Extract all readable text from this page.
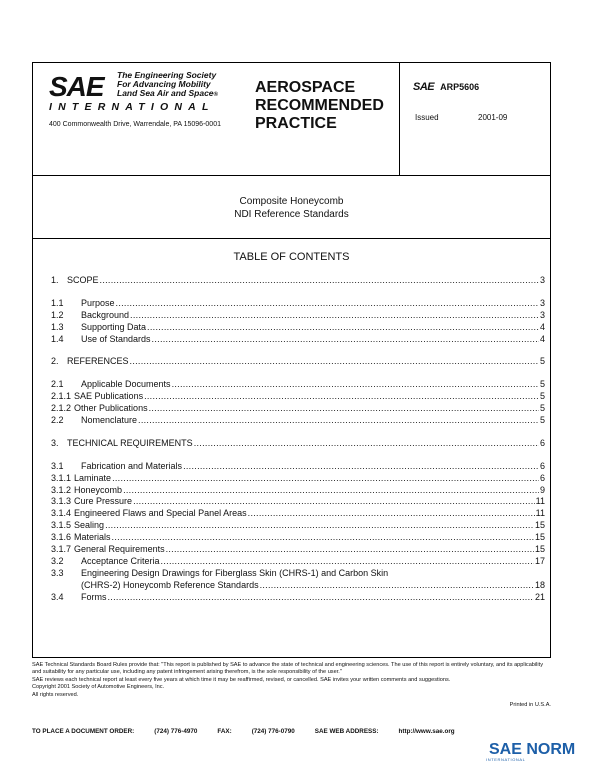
SAE The Engineering Society
For Advancing Mobility
Land Sea Air and Space®
INTERNATIONAL
400 Commonwealth Drive, Warrendale, PA 15096-0001
AEROSPACE
RECOMMENDED
PRACTICE
SAE ARP5606
Issued	2001-09
Composite Honeycomb
NDI Reference Standards
TABLE OF CONTENTS
1. SCOPE .....	3
1.1	Purpose .....	3
1.2	Background .....	3
1.3	Supporting Data .....	4
1.4	Use of Standards .....	4
2. REFERENCES .....	5
2.1	Applicable Documents .....	5
2.1.1 SAE Publications .....	5
2.1.2 Other Publications .....	5
2.2	Nomenclature .....	5
3. TECHNICAL REQUIREMENTS .....	6
3.1	Fabrication and Materials .....	6
3.1.1 Laminate .....	6
3.1.2 Honeycomb .....	9
3.1.3 Cure Pressure .....	11
3.1.4 Engineered Flaws and Special Panel Areas .....	11
3.1.5 Sealing .....	15
3.1.6 Materials .....	15
3.1.7 General Requirements .....	15
3.2	Acceptance Criteria .....	17
3.3	Engineering Design Drawings for Fiberglass Skin (CHRS-1) and Carbon Skin
(CHRS-2) Honeycomb Reference Standards .....	18
3.4	Forms .....	21

SAE Technical Standards Board Rules provide that: "This report is published by SAE to advance the state of technical and engineering sciences. The use of this report is entirely voluntary, and its applicability and suitability for any particular use, including any patent infringement arising therefrom, is the sole responsibility of the user."

SAE reviews each technical report at least every five years at which time it may be reaffirmed, revised, or cancelled. SAE invites your written comments and suggestions.

Copyright 2001 Society of Automotive Engineers, Inc.

All rights reserved.

Printed in U.S.A.
TO PLACE A DOCUMENT ORDER:	(724) 776-4970	FAX:	(724) 776-0790	SAE WEB ADDRESS:	http://www.sae.org
SAE NORM
INTERNATIONAL
